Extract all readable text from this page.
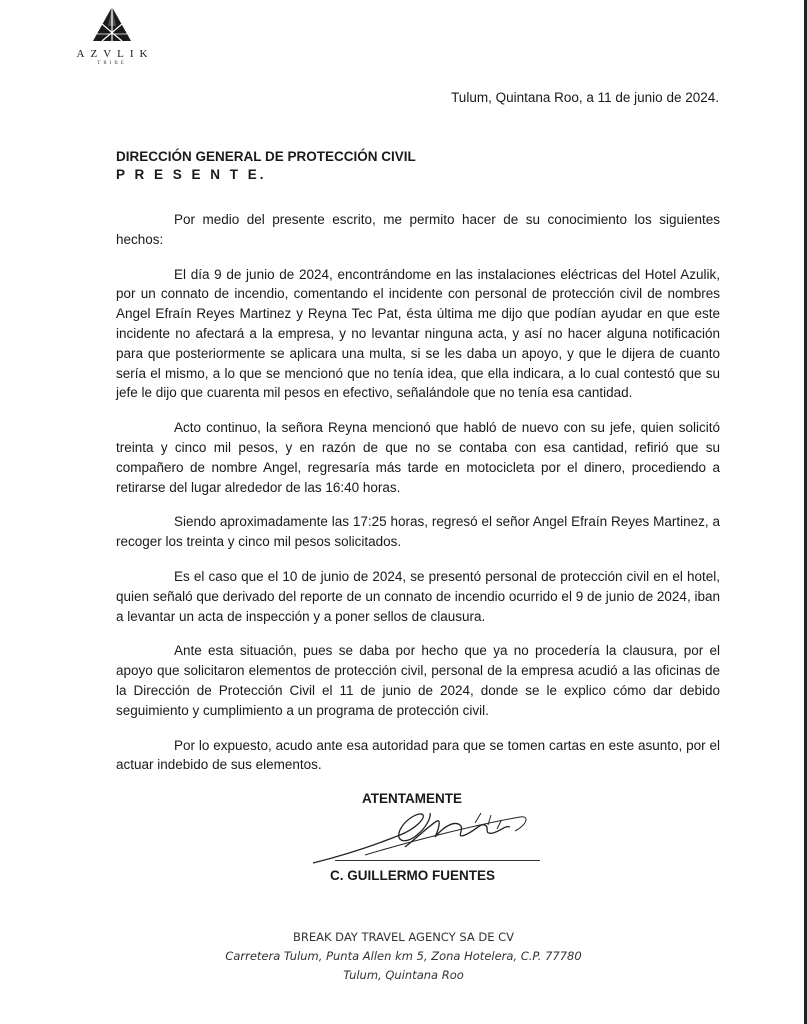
AZVLIK
TRIBE
Tulum, Quintana Roo, a 11 de junio de 2024.
DIRECCIÓN GENERAL DE PROTECCIÓN CIVIL
P R E S E N T E.

Por medio del presente escrito, me permito hacer de su conocimiento los siguientes hechos:

El día 9 de junio de 2024, encontrándome en las instalaciones eléctricas del Hotel Azulik, por un connato de incendio, comentando el incidente con personal de protección civil de nombres Angel Efraín Reyes Martinez y Reyna Tec Pat, ésta última me dijo que podían ayudar en que este incidente no afectará a la empresa, y no levantar ninguna acta, y así no hacer alguna notificación para que posteriormente se aplicara una multa, si se les daba un apoyo, y que le dijera de cuanto sería el mismo, a lo que se mencionó que no tenía idea, que ella indicara, a lo cual contestó que su jefe le dijo que cuarenta mil pesos en efectivo, señalándole que no tenía esa cantidad.

Acto continuo, la señora Reyna mencionó que habló de nuevo con su jefe, quien solicitó treinta y cinco mil pesos, y en razón de que no se contaba con esa cantidad, refirió que su compañero de nombre Angel, regresaría más tarde en motocicleta por el dinero, procediendo a retirarse del lugar alrededor de las 16:40 horas.

Siendo aproximadamente las 17:25 horas, regresó el señor Angel Efraín Reyes Martinez, a recoger los treinta y cinco mil pesos solicitados.

Es el caso que el 10 de junio de 2024, se presentó personal de protección civil en el hotel, quien señaló que derivado del reporte de un connato de incendio ocurrido el 9 de junio de 2024, iban a levantar un acta de inspección y a poner sellos de clausura.

Ante esta situación, pues se daba por hecho que ya no procedería la clausura, por el apoyo que solicitaron elementos de protección civil, personal de la empresa acudió a las oficinas de la Dirección de Protección Civil el 11 de junio de 2024, donde se le explico cómo dar debido seguimiento y cumplimiento a un programa de protección civil.

Por lo expuesto, acudo ante esa autoridad para que se tomen cartas en este asunto, por el actuar indebido de sus elementos.

ATENTAMENTE
C. GUILLERMO FUENTES
BREAK DAY TRAVEL AGENCY SA DE CV
Carretera Tulum, Punta Allen km 5, Zona Hotelera, C.P. 77780
Tulum, Quintana Roo
